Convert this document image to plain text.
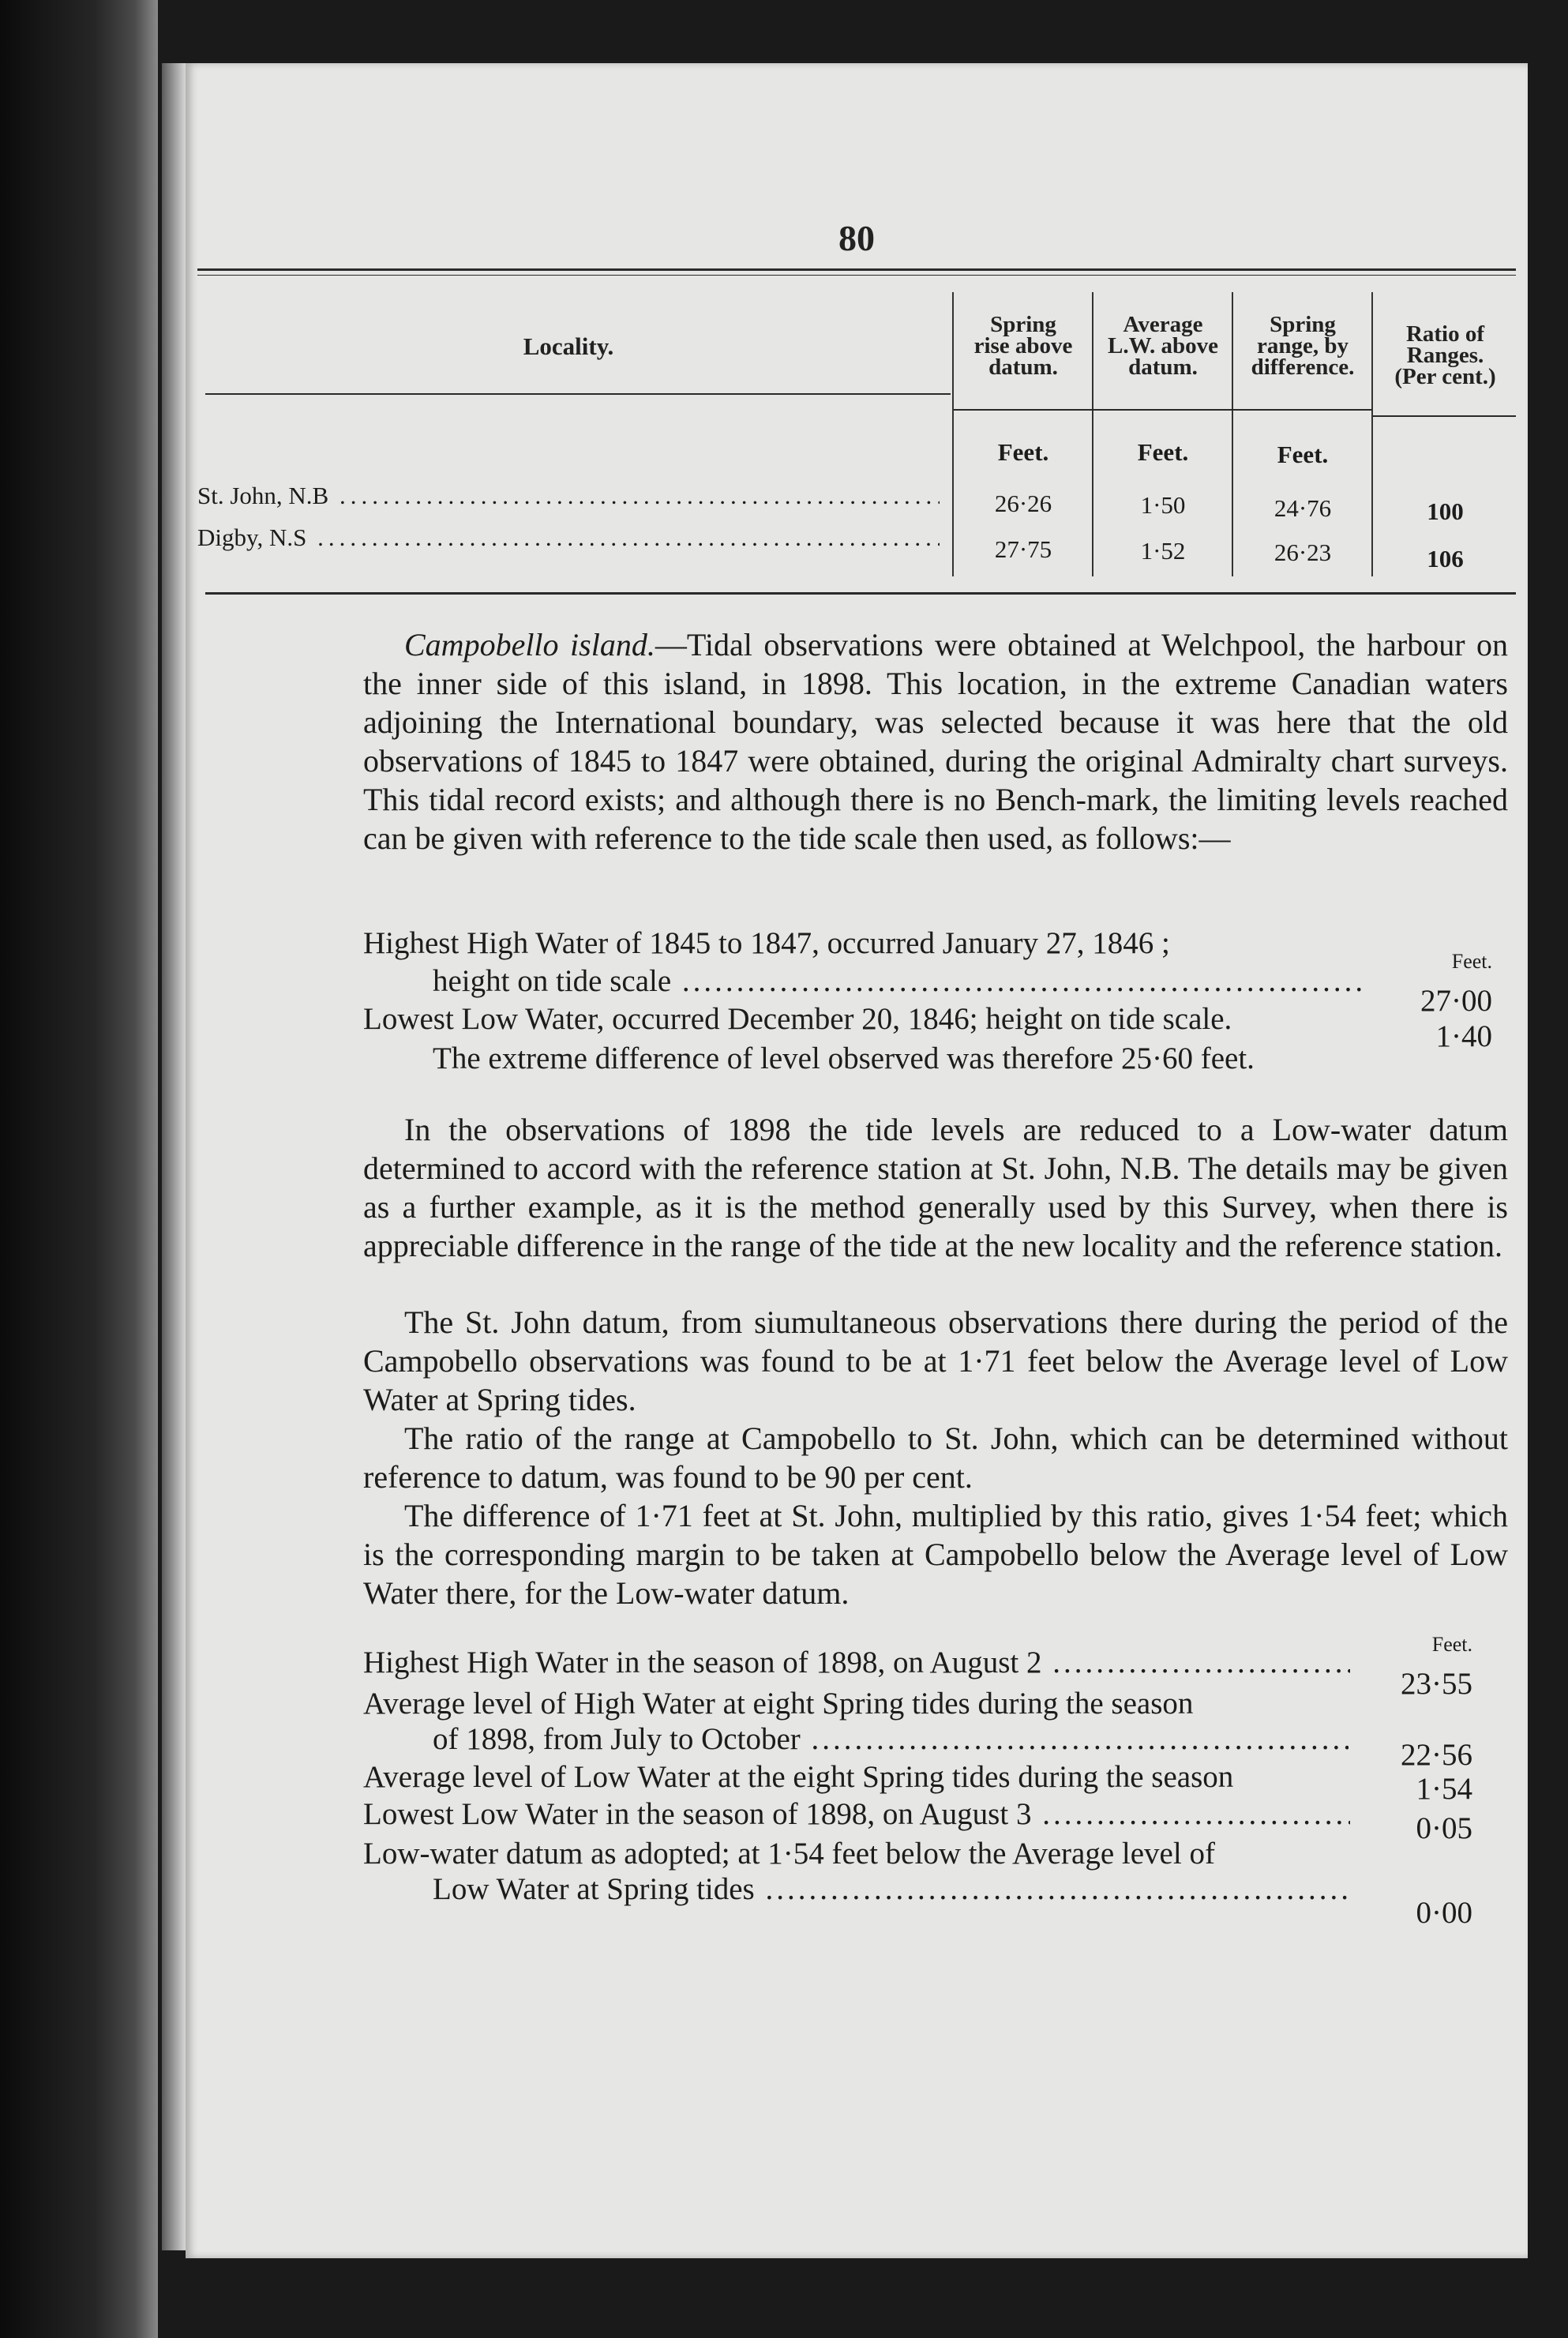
80
Locality.
Spring
rise above
datum.
Average
L.W. above
datum.
Spring
range, by
difference.
Ratio of
Ranges.
(Per cent.)
Feet.	Feet.	Feet.
St. John, N.B .....	26·26	1·50	24·76	100
Digby, N.S .....	27·75	1·52	26·23	106

Campobello island.—Tidal observations were obtained at Welchpool, the harbour on the inner side of this island, in 1898. This location, in the extreme Canadian waters adjoining the International boundary, was selected because it was here that the old observations of 1845 to 1847 were obtained, during the original Admiralty chart surveys. This tidal record exists; and although there is no Bench-mark, the limiting levels reached can be given with reference to the tide scale then used, as follows:—

Feet.
Highest High Water of 1845 to 1847, occurred January 27, 1846 ;
height on tide scale .....
27·00
Lowest Low Water, occurred December 20, 1846; height on tide scale.
1·40
The extreme difference of level observed was therefore 25·60 feet.

In the observations of 1898 the tide levels are reduced to a Low-water datum determined to accord with the reference station at St. John, N.B. The details may be given as a further example, as it is the method generally used by this Survey, when there is appreciable difference in the range of the tide at the new locality and the reference station.

The St. John datum, from siumultaneous observations there during the period of the Campobello observations was found to be at 1·71 feet below the Average level of Low Water at Spring tides.

The ratio of the range at Campobello to St. John, which can be determined without reference to datum, was found to be 90 per cent.

The difference of 1·71 feet at St. John, multiplied by this ratio, gives 1·54 feet; which is the corresponding margin to be taken at Campobello below the Average level of Low Water there, for the Low-water datum.

Feet.
Highest High Water in the season of 1898, on August 2 .....
23·55
Average level of High Water at eight Spring tides during the season
of 1898, from July to October .....	22·56
Average level of Low Water at the eight Spring tides during the season	1·54
Lowest Low Water in the season of 1898, on August 3 .....	0·05
Low-water datum as adopted; at 1·54 feet below the Average level of
Low Water at Spring tides .....
0·00
